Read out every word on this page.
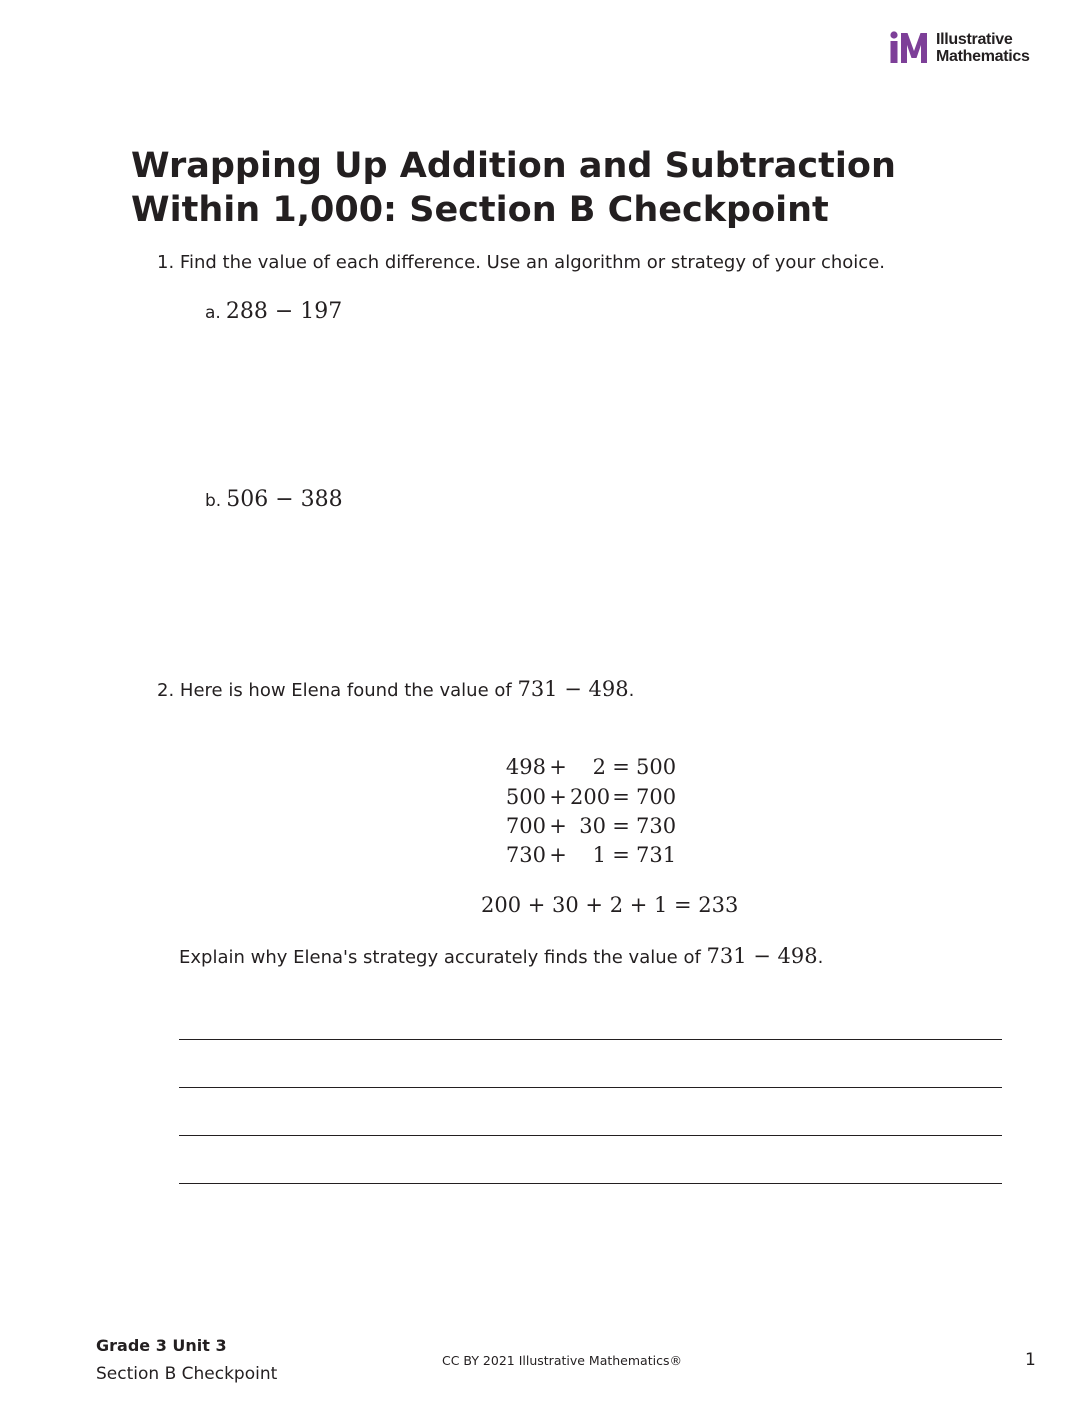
Illustrative
Mathematics
Wrapping Up Addition and Subtraction Within 1,000: Section B Checkpoint
1. Find the value of each difference. Use an algorithm or strategy of your choice.
a. 288 − 197
b. 506 − 388
2. Here is how Elena found the value of 731 − 498.
498 + 2 = 500
500 + 200= 700
700 + 30 = 730
730 + 1 = 731
200 + 30 + 2 + 1 = 233
Explain why Elena's strategy accurately finds the value of 731 − 498.
Grade 3 Unit 3
Section B Checkpoint
CC BY 2021 Illustrative Mathematics®	1
